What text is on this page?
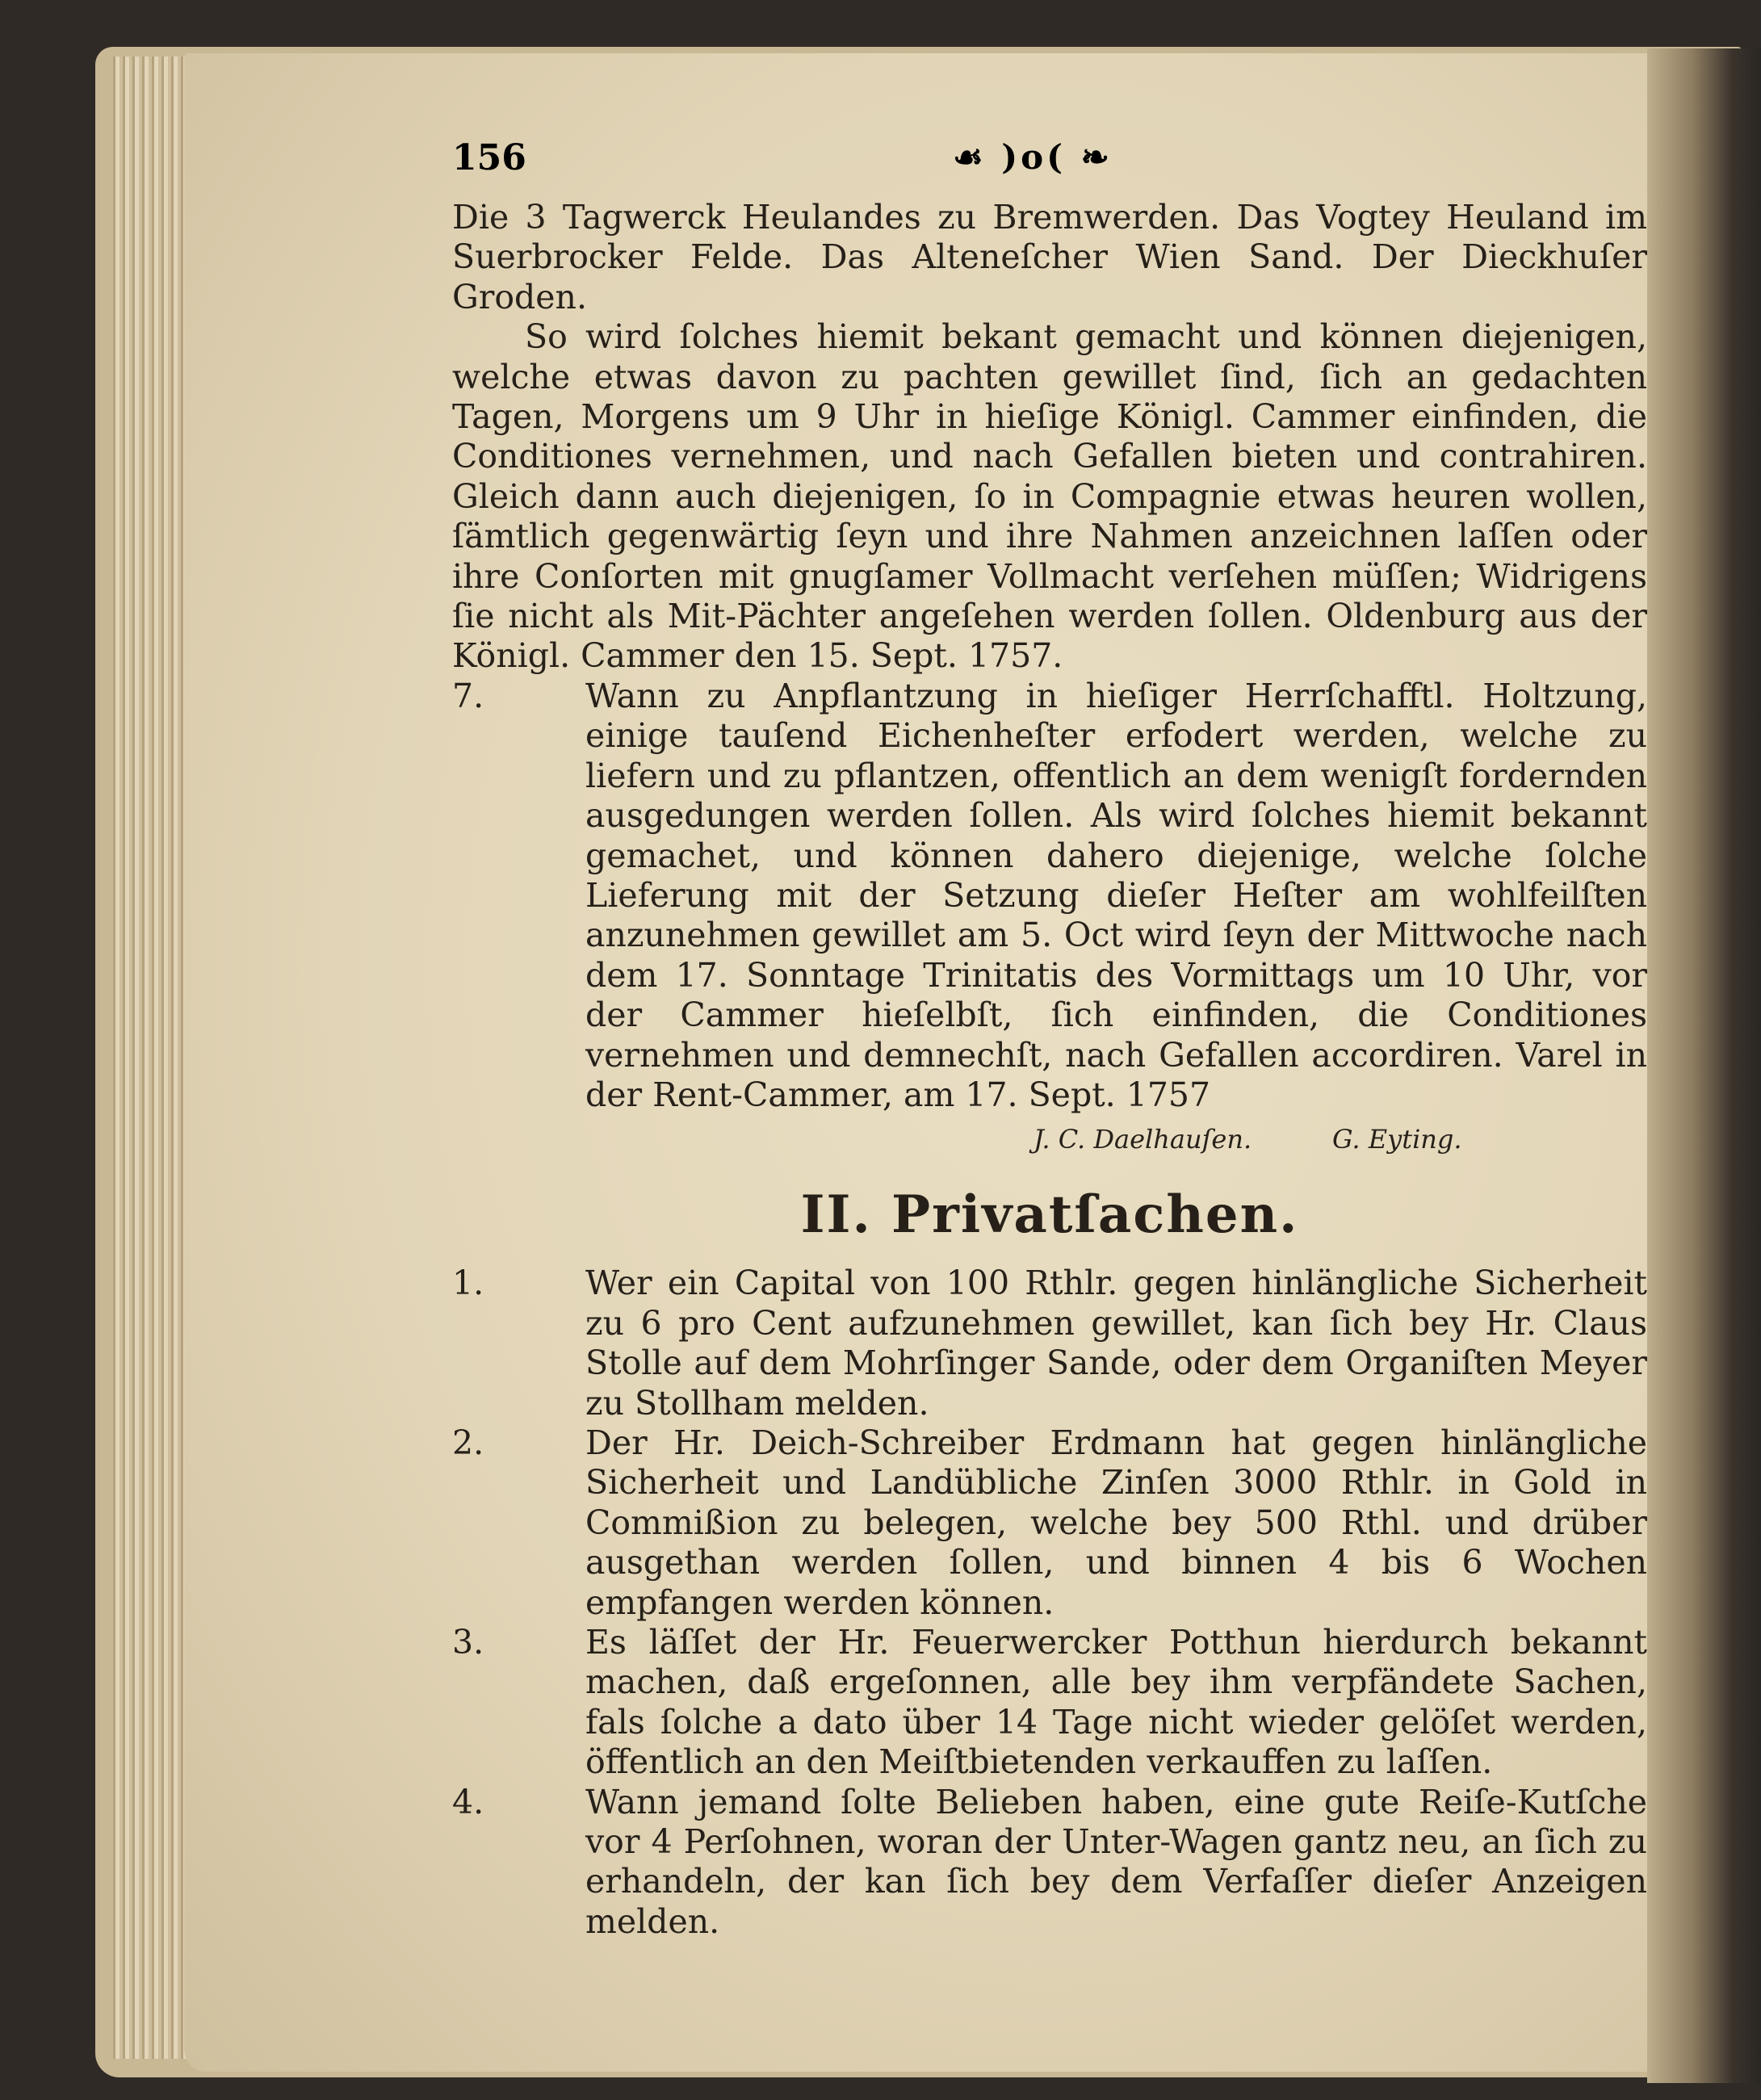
156	☙ )o( ❧

Die 3 Tagwerck Heulandes zu Bremwerden. Das Vogtey Heuland im Suerbrocker Felde. Das Alteneſcher Wien Sand. Der Dieckhuſer Groden.

So wird ſolches hiemit bekant gemacht und können diejenigen, welche etwas davon zu pachten gewillet ſind, ſich an gedachten Tagen, Morgens um 9 Uhr in hieſige Königl. Cammer einfinden, die Conditiones vernehmen, und nach Gefallen bieten und contrahiren. Gleich dann auch diejenigen, ſo in Compagnie etwas heuren wollen, ſämtlich gegenwärtig ſeyn und ihre Nahmen anzeichnen laſſen oder ihre Conſorten mit gnugſamer Vollmacht verſehen müſſen; Widrigens ſie nicht als Mit-Pächter angeſehen werden ſollen. Oldenburg aus der Königl. Cammer den 15. Sept. 1757.

7.	Wann zu Anpflantzung in hieſiger Herrſchafftl. Holtzung, einige tauſend Eichenheſter erfodert werden, welche zu liefern und zu pflantzen, offentlich an dem wenigſt fordernden ausgedungen werden ſollen. Als wird ſolches hiemit bekannt gemachet, und können dahero diejenige, welche ſolche Lieferung mit der Setzung dieſer Heſter am wohlfeilſten anzunehmen gewillet am 5. Oct wird ſeyn der Mittwoche nach dem 17. Sonntage Trinitatis des Vormittags um 10 Uhr, vor der Cammer hieſelbſt, ſich einfinden, die Conditiones vernehmen und demnechſt, nach Gefallen accordiren. Varel in der Rent-Cammer, am 17. Sept. 1757
J. C. Daelhauſen.	G. Eyting.
II. Privatſachen.
1.	Wer ein Capital von 100 Rthlr. gegen hinlängliche Sicherheit zu 6 pro Cent aufzunehmen gewillet, kan ſich bey Hr. Claus Stolle auf dem Mohrſinger Sande, oder dem Organiſten Meyer zu Stollham melden.
2.	Der Hr. Deich-Schreiber Erdmann hat gegen hinlängliche Sicherheit und Landübliche Zinſen 3000 Rthlr. in Gold in Commißion zu belegen, welche bey 500 Rthl. und drüber ausgethan werden ſollen, und binnen 4 bis 6 Wochen empfangen werden können.
3.	Es läſſet der Hr. Feuerwercker Potthun hierdurch bekannt machen, daß ergeſonnen, alle bey ihm verpfändete Sachen, fals ſolche a dato über 14 Tage nicht wieder gelöſet werden, öffentlich an den Meiſtbietenden verkauffen zu laſſen.
4.	Wann jemand ſolte Belieben haben, eine gute Reiſe-Kutſche vor 4 Perſohnen, woran der Unter-Wagen gantz neu, an ſich zu erhandeln, der kan ſich bey dem Verfaſſer dieſer Anzeigen melden.
